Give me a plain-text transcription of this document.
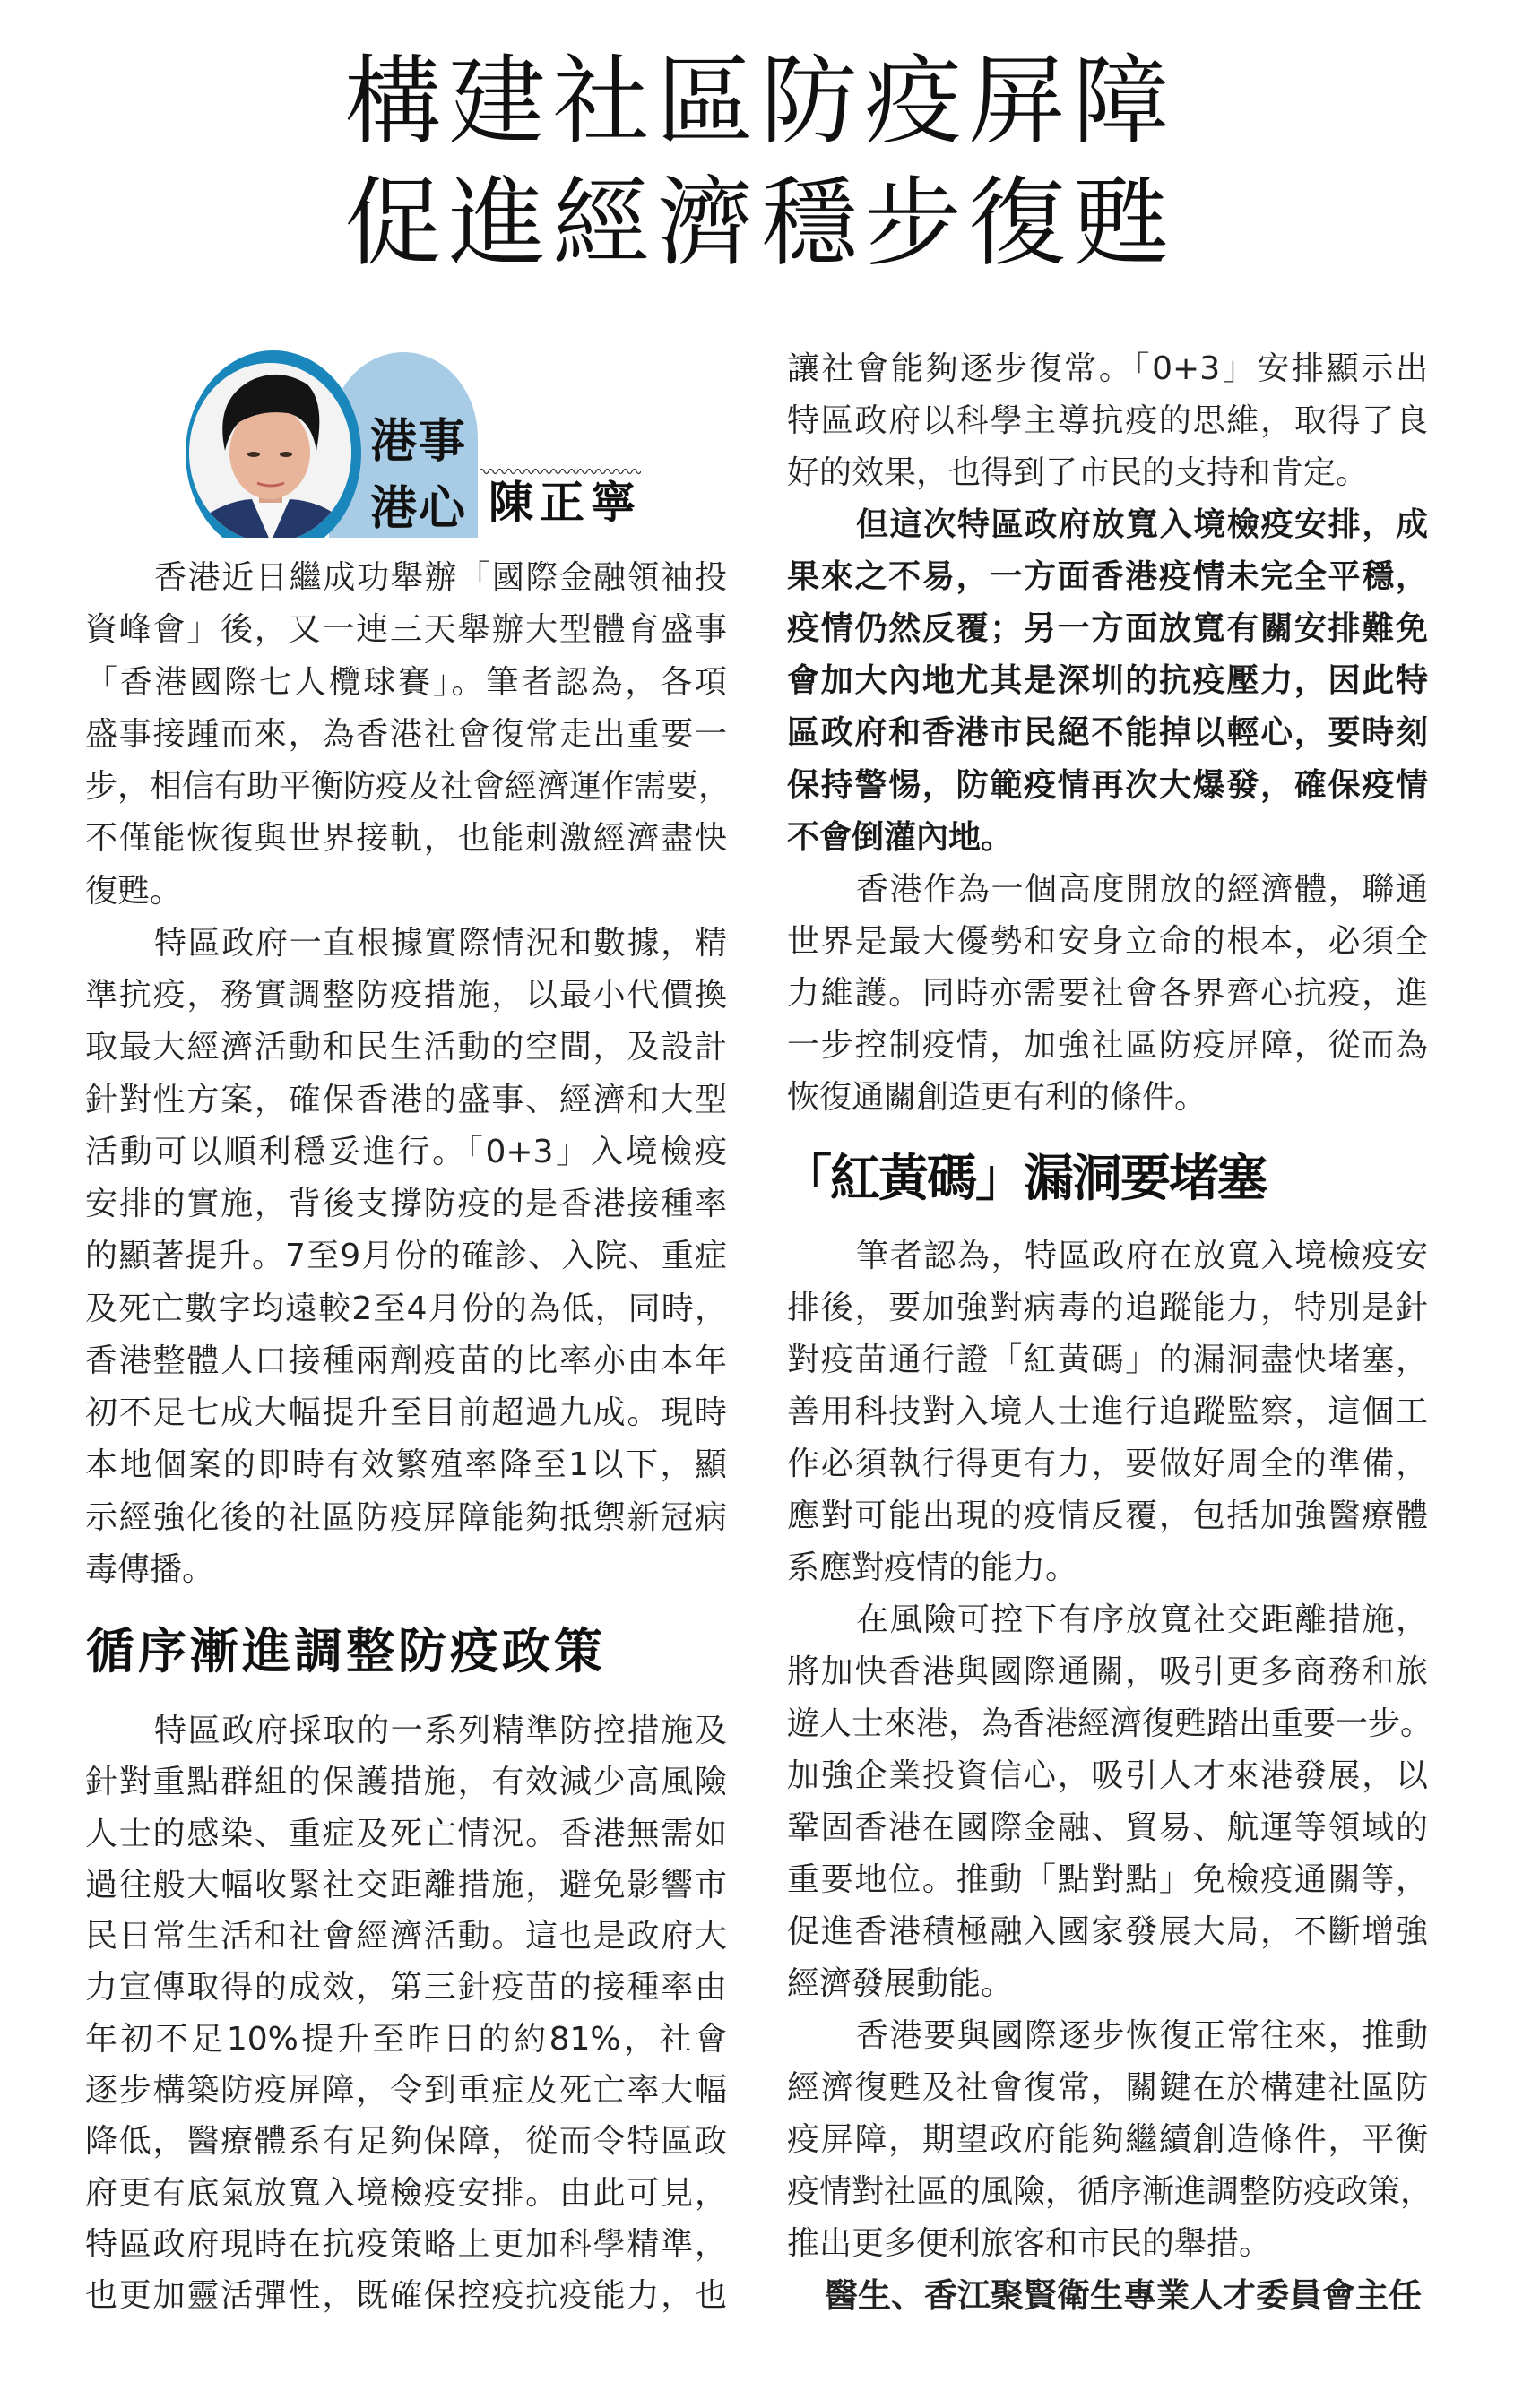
構建社區防疫屏障
促進經濟穩步復甦
港事
港心 陳正寧
香港近日繼成功舉辦「國際金融領袖投
資峰會」後，又一連三天舉辦大型體育盛事
「香港國際七人欖球賽」。筆者認為，各項
盛事接踵而來，為香港社會復常走出重要一
步，相信有助平衡防疫及社會經濟運作需要，
不僅能恢復與世界接軌，也能刺激經濟盡快
復甦。
特區政府一直根據實際情況和數據，精
準抗疫，務實調整防疫措施，以最小代價換
取最大經濟活動和民生活動的空間，及設計
針對性方案，確保香港的盛事、經濟和大型
活動可以順利穩妥進行。「0+3」入境檢疫
安排的實施，背後支撐防疫的是香港接種率
的顯著提升。7至9月份的確診、入院、重症
及死亡數字均遠較2至4月份的為低，同時，
香港整體人口接種兩劑疫苗的比率亦由本年
初不足七成大幅提升至目前超過九成。現時
本地個案的即時有效繁殖率降至1以下，顯
示經強化後的社區防疫屏障能夠抵禦新冠病
毒傳播。
循序漸進調整防疫政策
特區政府採取的一系列精準防控措施及
針對重點群組的保護措施，有效減少高風險
人士的感染、重症及死亡情況。香港無需如
過往般大幅收緊社交距離措施，避免影響市
民日常生活和社會經濟活動。這也是政府大
力宣傳取得的成效，第三針疫苗的接種率由
年初不足10%提升至昨日的約81%，社會
逐步構築防疫屏障，令到重症及死亡率大幅
降低，醫療體系有足夠保障，從而令特區政
府更有底氣放寬入境檢疫安排。由此可見，
特區政府現時在抗疫策略上更加科學精準，
也更加靈活彈性，既確保控疫抗疫能力，也
讓社會能夠逐步復常。「0+3」安排顯示出
特區政府以科學主導抗疫的思維，取得了良
好的效果，也得到了市民的支持和肯定。
但這次特區政府放寬入境檢疫安排，成
果來之不易，一方面香港疫情未完全平穩，
疫情仍然反覆；另一方面放寬有關安排難免
會加大內地尤其是深圳的抗疫壓力，因此特
區政府和香港市民絕不能掉以輕心，要時刻
保持警惕，防範疫情再次大爆發，確保疫情
不會倒灌內地。
香港作為一個高度開放的經濟體，聯通
世界是最大優勢和安身立命的根本，必須全
力維護。同時亦需要社會各界齊心抗疫，進
一步控制疫情，加強社區防疫屏障，從而為
恢復通關創造更有利的條件。
「紅黃碼」漏洞要堵塞
筆者認為，特區政府在放寬入境檢疫安
排後，要加強對病毒的追蹤能力，特別是針
對疫苗通行證「紅黃碼」的漏洞盡快堵塞，
善用科技對入境人士進行追蹤監察，這個工
作必須執行得更有力，要做好周全的準備，
應對可能出現的疫情反覆，包括加強醫療體
系應對疫情的能力。
在風險可控下有序放寬社交距離措施，
將加快香港與國際通關，吸引更多商務和旅
遊人士來港，為香港經濟復甦踏出重要一步。
加強企業投資信心，吸引人才來港發展，以
鞏固香港在國際金融、貿易、航運等領域的
重要地位。推動「點對點」免檢疫通關等，
促進香港積極融入國家發展大局，不斷增強
經濟發展動能。
香港要與國際逐步恢復正常往來，推動
經濟復甦及社會復常，關鍵在於構建社區防
疫屏障，期望政府能夠繼續創造條件，平衡
疫情對社區的風險，循序漸進調整防疫政策，
推出更多便利旅客和市民的舉措。
醫生、香江聚賢衛生專業人才委員會主任
